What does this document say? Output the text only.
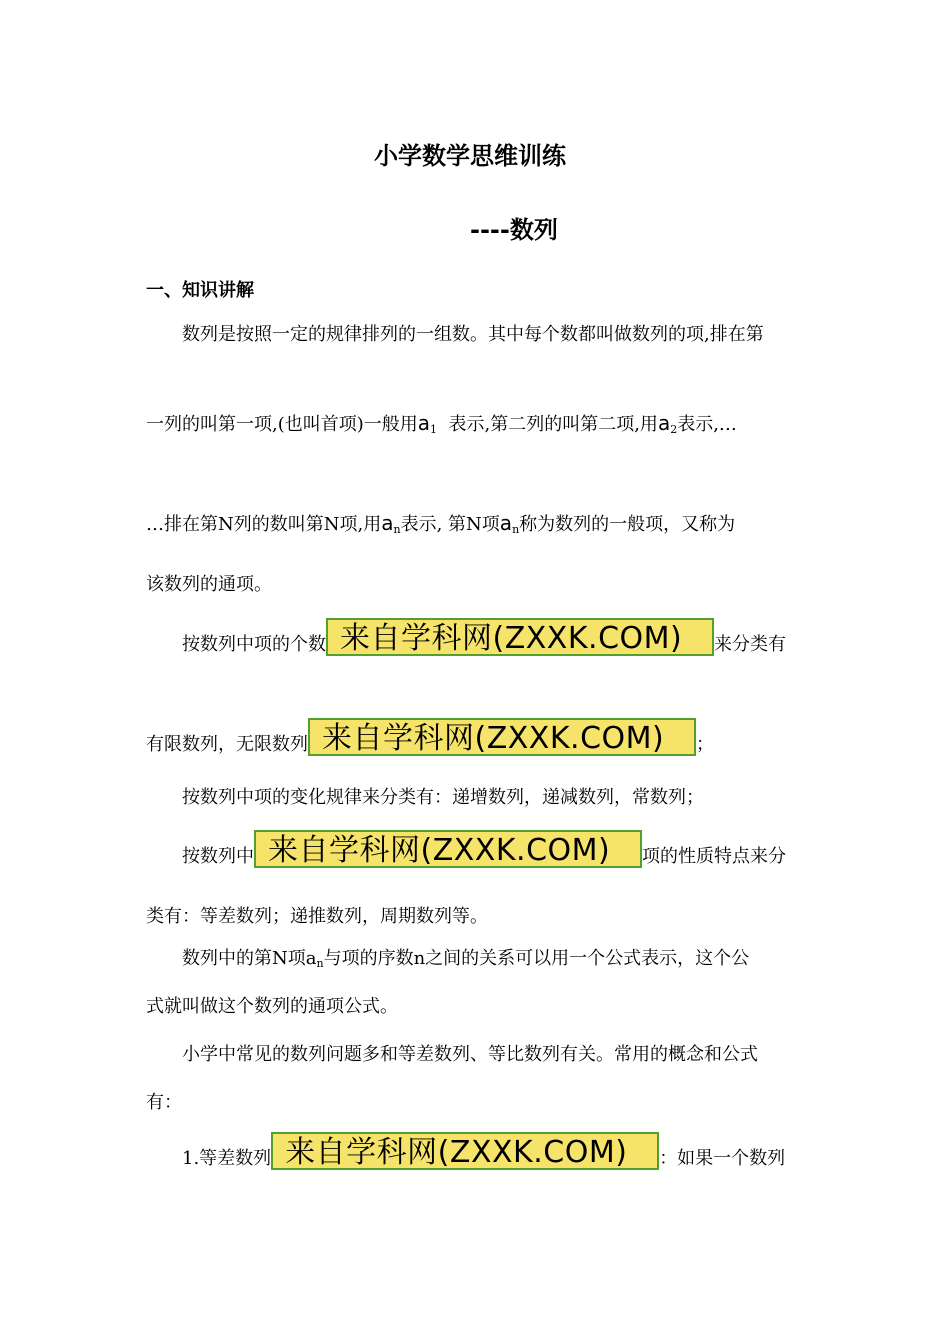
小学数学思维训练
----数列
一、知识讲解
数列是按照一定的规律排列的一组数。其中每个数都叫做数列的项,排在第
一列的叫第一项,(也叫首项)一般用a1 表示,第二列的叫第二项,用a2表示,…
…排在第N列的数叫第N项,用an表示, 第N项an称为数列的一般项，又称为
该数列的通项。
按数列中项的个数 来自学科网(ZXXK.COM) 来分类有
有限数列，无限数列 来自学科网(ZXXK.COM) ；
按数列中项的变化规律来分类有：递增数列，递减数列，常数列；
按数列中 来自学科网(ZXXK.COM) 项的性质特点来分
类有：等差数列；递推数列，周期数列等。
数列中的第N项an与项的序数n之间的关系可以用一个公式表示，这个公
式就叫做这个数列的通项公式。
小学中常见的数列问题多和等差数列、等比数列有关。常用的概念和公式
有：
1.等差数列 来自学科网(ZXXK.COM) ：如果一个数列
